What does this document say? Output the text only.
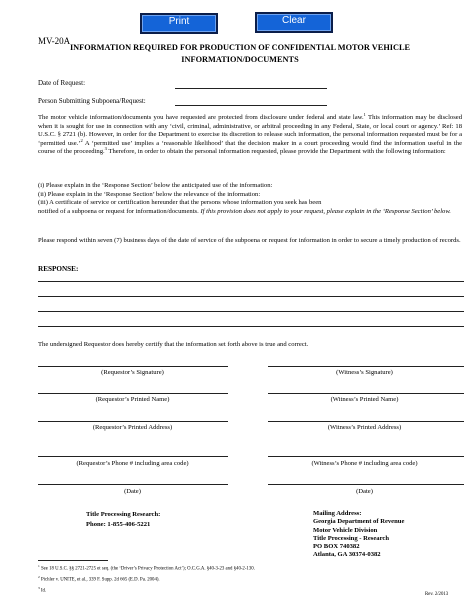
Print	Clear
MV-20A
INFORMATION REQUIRED FOR PRODUCTION OF CONFIDENTIAL MOTOR VEHICLE
INFORMATION/DOCUMENTS
Date of Request:
Person Submitting Subpoena/Request:

The motor vehicle information/documents you have requested are protected from disclosure under federal and state law.$^1$ This information may be disclosed when it is sought for use in connection with any ‘civil, criminal, administrative, or arbitral proceeding in any Federal, State, or local court or agency.’ Ref: 18 U.S.C. § 2721 (b). However, in order for the Department to exercise its discretion to release such information, the personal information requested must be for a ‘permitted use.’$^2$ A ‘permitted use’ implies a ‘reasonable likelihood’ that the decision maker in a court proceeding would find the information useful in the course of the proceeding.$^3$ Therefore, in order to obtain the personal information requested, please provide the Department with the following information:

(i) Please explain in the ‘Response Section’ below the anticipated use of the information:
(ii) Please explain in the ‘Response Section’ below the relevance of the information:
(iii) A certificate of service or certification hereunder that the persons whose information you seek has been
notified of a subpoena or request for information/documents. If this provision does not apply to your request, please explain in the ‘Response Section’ below.

Please respond within seven (7) business days of the date of service of the subpoena or request for information in order to secure a timely production of records.

RESPONSE:
The undersigned Requestor does hereby certify that the information set forth above is true and correct.
(Requestor’s Signature)	(Witness’s Signature)
(Requestor’s Printed Name)	(Witness’s Printed Name)
(Requestor’s Printed Address)	(Witness’s Printed Address)
(Requestor’s Phone # including area code)	(Witness’s Phone # including area code)
(Date)	(Date)
Title Processing Research:
Phone: 1-855-406-5221
Mailing Address:
Georgia Department of Revenue
Motor Vehicle Division
Title Processing - Research
PO BOX 740382
Atlanta, GA 30374-0382
$^1$ See 18 U.S.C. §§ 2721-2725 et seq. (the ‘Driver’s Privacy Protection Act’); O.C.G.A. §40-3-23 and §40-2-130.
$^2$ Pichler v. UNITE, et al., 339 F. Supp. 2d 665 (E.D. Pa. 2004).
$^3$ Id.
Rev. 2/2013
